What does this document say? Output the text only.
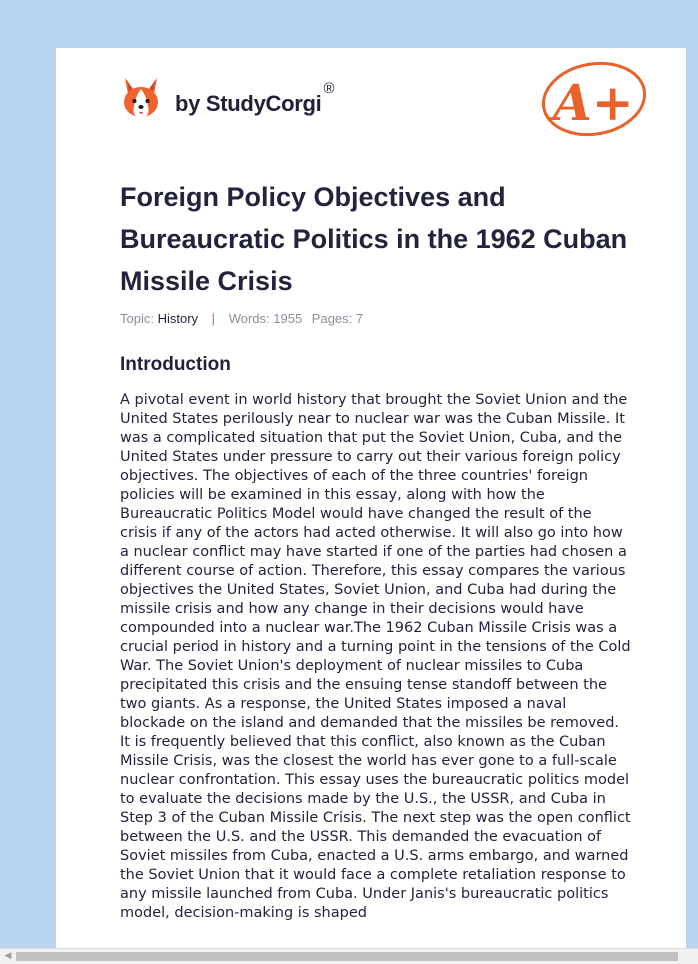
by StudyCorgi
®	A+
Foreign Policy Objectives and Bureaucratic Politics in the 1962 Cuban Missile Crisis
Topic: History | Words: 1955 Pages: 7
Introduction

A pivotal event in world history that brought the Soviet Union and the United States perilously near to nuclear war was the Cuban Missile. It was a complicated situation that put the Soviet Union, Cuba, and the United States under pressure to carry out their various foreign policy objectives. The objectives of each of the three countries' foreign policies will be examined in this essay, along with how the Bureaucratic Politics Model would have changed the result of the crisis if any of the actors had acted otherwise. It will also go into how a nuclear conflict may have started if one of the parties had chosen a different course of action. Therefore, this essay compares the various objectives the United States, Soviet Union, and Cuba had during the missile crisis and how any change in their decisions would have compounded into a nuclear war.The 1962 Cuban Missile Crisis was a crucial period in history and a turning point in the tensions of the Cold War. The Soviet Union's deployment of nuclear missiles to Cuba precipitated this crisis and the ensuing tense standoff between the two giants. As a response, the United States imposed a naval blockade on the island and demanded that the missiles be removed. It is frequently believed that this conflict, also known as the Cuban Missile Crisis, was the closest the world has ever gone to a full-scale nuclear confrontation. This essay uses the bureaucratic politics model to evaluate the decisions made by the U.S., the USSR, and Cuba in Step 3 of the Cuban Missile Crisis. The next step was the open conflict between the U.S. and the USSR. This demanded the evacuation of Soviet missiles from Cuba, enacted a U.S. arms embargo, and warned the Soviet Union that it would face a complete retaliation response to any missile launched from Cuba. Under Janis's bureaucratic politics model, decision-making is shaped

◀
